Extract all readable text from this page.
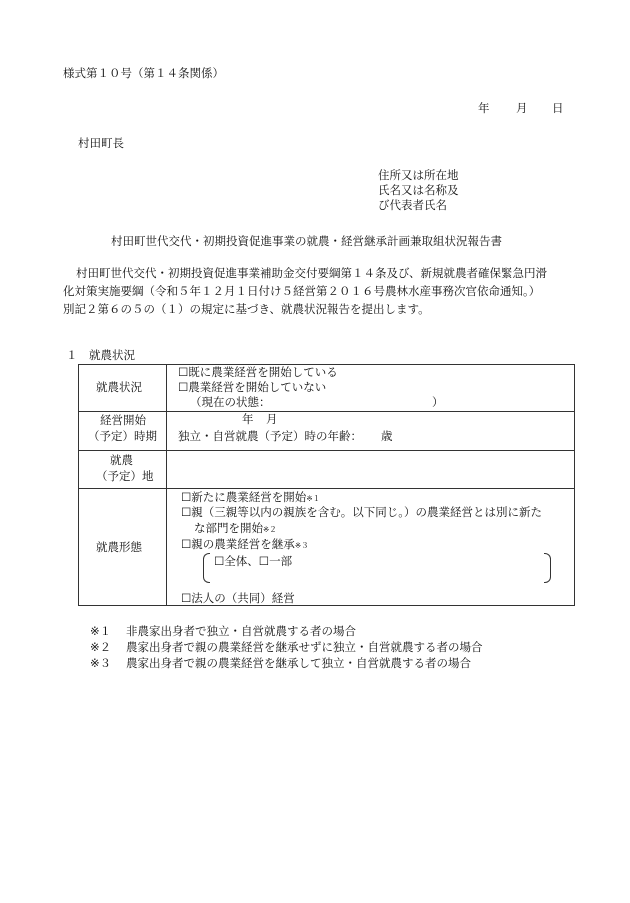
様式第１０号（第１４条関係）
年 月 日
村田町長
住所又は所在地
氏名又は名称及
び代表者氏名
村田町世代交代・初期投資促進事業の就農・経営継承計画兼取組状況報告書
村田町世代交代・初期投資促進事業補助金交付要綱第１４条及び、新規就農者確保緊急円滑
化対策実施要綱（令和５年１２月１日付け５経営第２０１６号農林水産事務次官依命通知。）
別記２第６の５の（１）の規定に基づき、就農状況報告を提出します。
１　就農状況
就農状況
☐既に農業経営を開始している
☐農業経営を開始していない
（現在の状態：	）
経営開始
（予定）時期
年 月
独立・自営就農（予定）時の年齢： 歳
就農
（予定）地
就農形態
☐新たに農業経営を開始※１
☐親（三親等以内の親族を含む。以下同じ。）の農業経営とは別に新た
な部門を開始※２
☐親の農業経営を継承※３
☐全体、☐一部
☐法人の（共同）経営
※１ 非農家出身者で独立・自営就農する者の場合
※２ 農家出身者で親の農業経営を継承せずに独立・自営就農する者の場合
※３ 農家出身者で親の農業経営を継承して独立・自営就農する者の場合
